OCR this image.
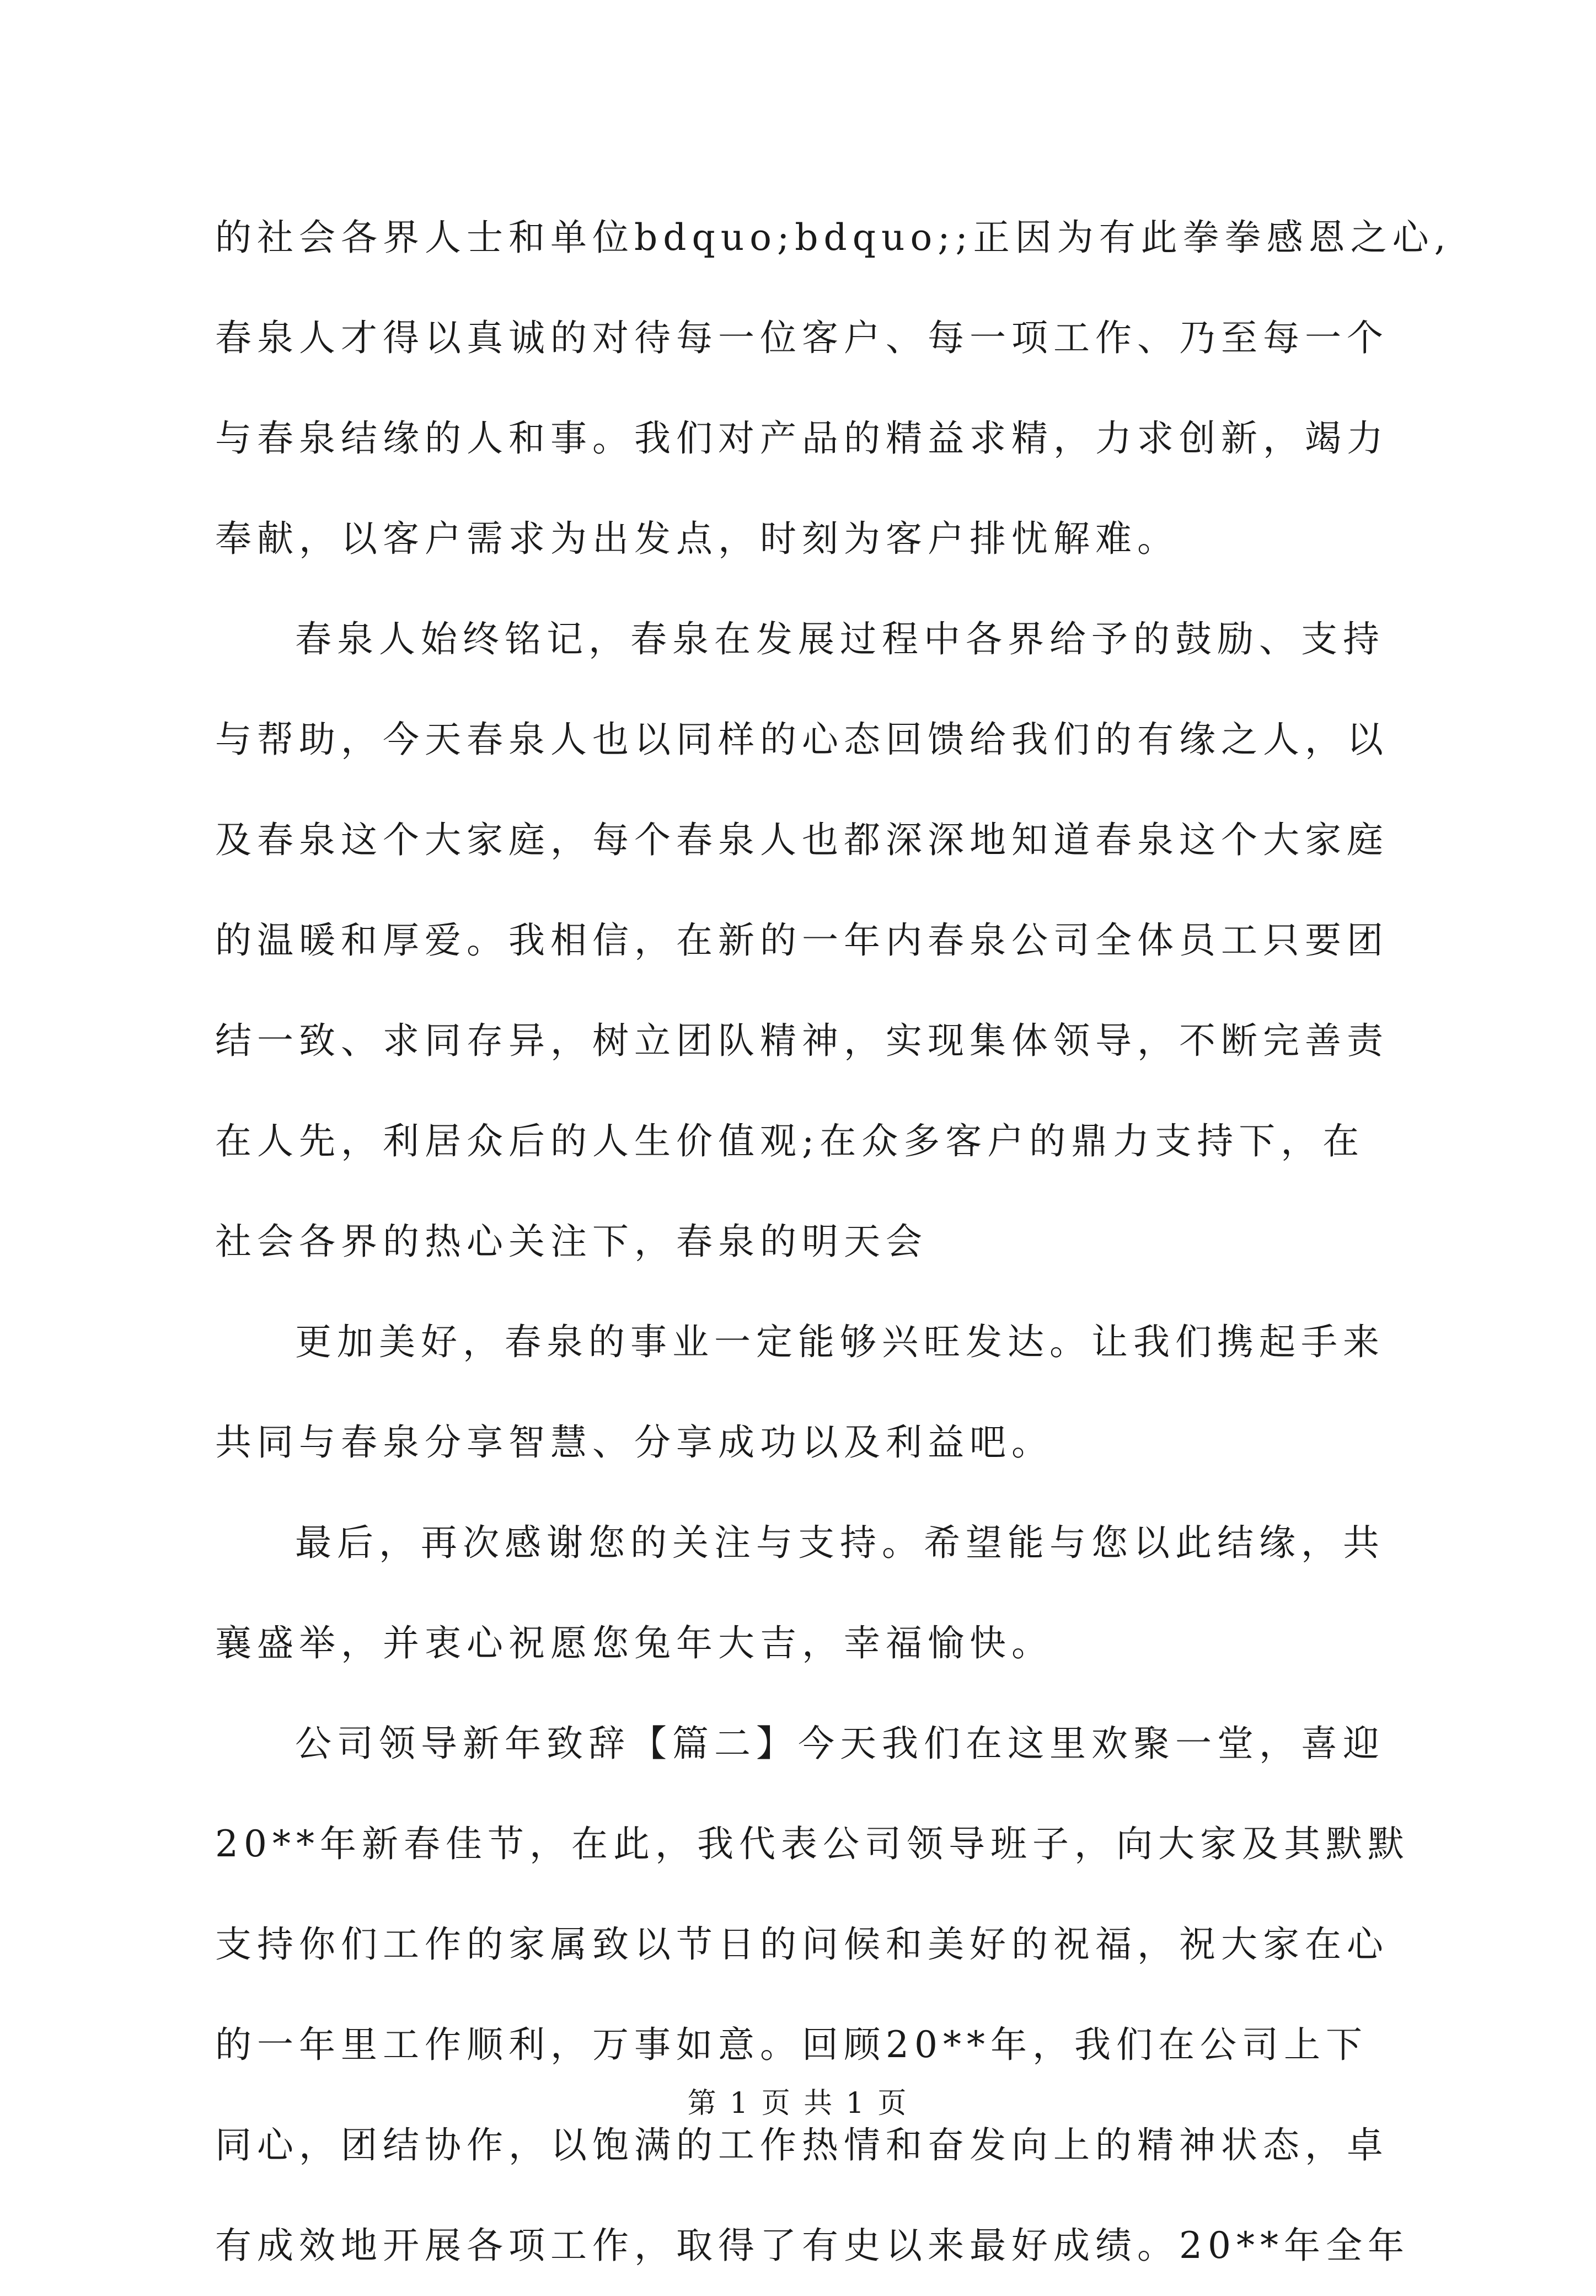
的社会各界人士和单位bdquo;bdquo;;正因为有此拳拳感恩之心,
春泉人才得以真诚的对待每一位客户、每一项工作、乃至每一个
与春泉结缘的人和事。我们对产品的精益求精，力求创新，竭力
奉献，以客户需求为出发点，时刻为客户排忧解难。
春泉人始终铭记，春泉在发展过程中各界给予的鼓励、支持
与帮助，今天春泉人也以同样的心态回馈给我们的有缘之人，以
及春泉这个大家庭，每个春泉人也都深深地知道春泉这个大家庭
的温暖和厚爱。我相信，在新的一年内春泉公司全体员工只要团
结一致、求同存异，树立团队精神，实现集体领导，不断完善责
在人先，利居众后的人生价值观;在众多客户的鼎力支持下，在
社会各界的热心关注下，春泉的明天会
更加美好，春泉的事业一定能够兴旺发达。让我们携起手来
共同与春泉分享智慧、分享成功以及利益吧。
最后，再次感谢您的关注与支持。希望能与您以此结缘，共
襄盛举，并衷心祝愿您兔年大吉，幸福愉快。
公司领导新年致辞【篇二】今天我们在这里欢聚一堂，喜迎
20**年新春佳节，在此，我代表公司领导班子，向大家及其默默
支持你们工作的家属致以节日的问候和美好的祝福，祝大家在心
的一年里工作顺利，万事如意。回顾20**年，我们在公司上下
同心，团结协作，以饱满的工作热情和奋发向上的精神状态，卓
有成效地开展各项工作，取得了有史以来最好成绩。20**年全年
第 1 页 共 1 页
